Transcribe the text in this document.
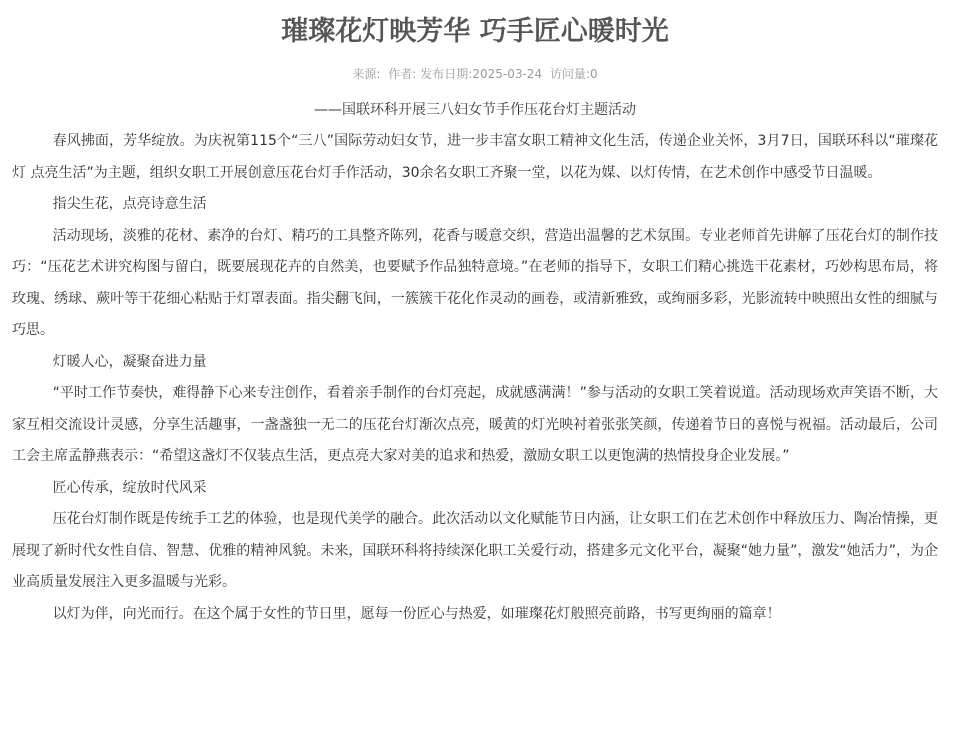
璀璨花灯映芳华 巧手匠心暖时光
来源: 作者: 发布日期:2025-03-24 访问量:0
——国联环科开展三八妇女节手作压花台灯主题活动

春风拂面，芳华绽放。为庆祝第115个“三八”国际劳动妇女节，进一步丰富女职工精神文化生活，传递企业关怀，3月7日，国联环科以“璀璨花灯 点亮生活”为主题，组织女职工开展创意压花台灯手作活动，30余名女职工齐聚一堂，以花为媒、以灯传情，在艺术创作中感受节日温暖。

指尖生花，点亮诗意生活

活动现场，淡雅的花材、素净的台灯、精巧的工具整齐陈列，花香与暖意交织，营造出温馨的艺术氛围。专业老师首先讲解了压花台灯的制作技巧：“压花艺术讲究构图与留白，既要展现花卉的自然美，也要赋予作品独特意境。”在老师的指导下，女职工们精心挑选干花素材，巧妙构思布局，将玫瑰、绣球、蕨叶等干花细心粘贴于灯罩表面。指尖翻飞间，一簇簇干花化作灵动的画卷，或清新雅致，或绚丽多彩，光影流转中映照出女性的细腻与巧思。

灯暖人心，凝聚奋进力量

“平时工作节奏快，难得静下心来专注创作，看着亲手制作的台灯亮起，成就感满满！”参与活动的女职工笑着说道。活动现场欢声笑语不断，大家互相交流设计灵感，分享生活趣事，一盏盏独一无二的压花台灯渐次点亮，暖黄的灯光映衬着张张笑颜，传递着节日的喜悦与祝福。活动最后，公司工会主席孟静燕表示：“希望这盏灯不仅装点生活，更点亮大家对美的追求和热爱，激励女职工以更饱满的热情投身企业发展。”

匠心传承，绽放时代风采

压花台灯制作既是传统手工艺的体验，也是现代美学的融合。此次活动以文化赋能节日内涵，让女职工们在艺术创作中释放压力、陶冶情操，更展现了新时代女性自信、智慧、优雅的精神风貌。未来，国联环科将持续深化职工关爱行动，搭建多元文化平台，凝聚“她力量”，激发“她活力”，为企业高质量发展注入更多温暖与光彩。

以灯为伴，向光而行。在这个属于女性的节日里，愿每一份匠心与热爱，如璀璨花灯般照亮前路，书写更绚丽的篇章！
